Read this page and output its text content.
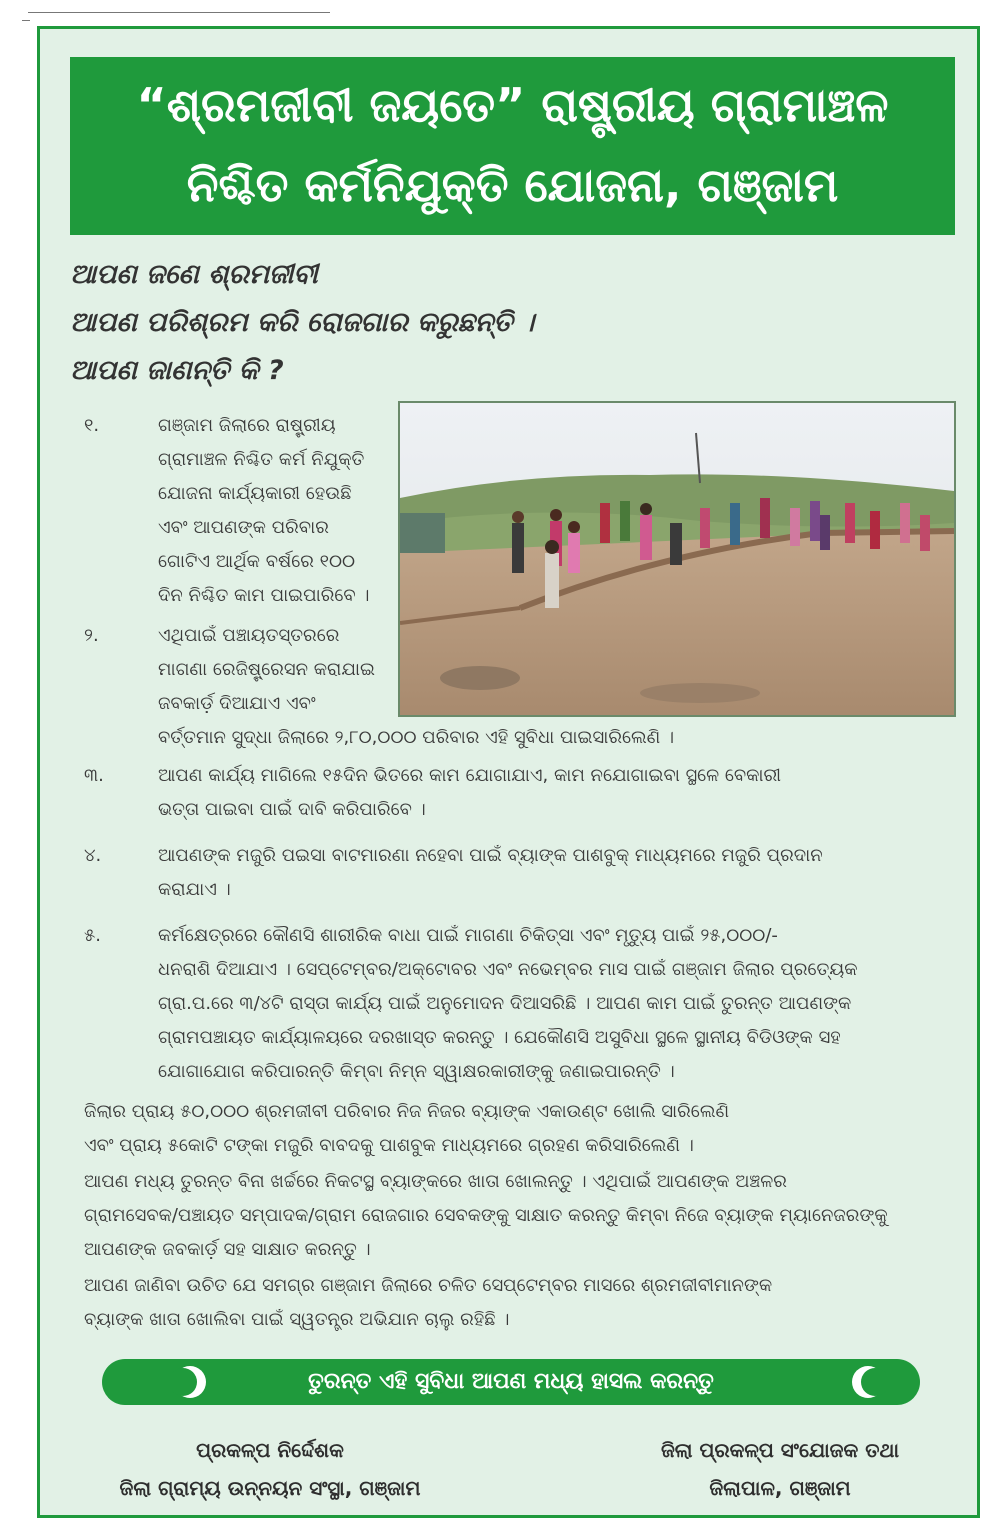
“ଶ୍ରମଜୀବୀ ଜୟତେ” ରାଷ୍ଟ୍ରୀୟ ଗ୍ରାମାଞ୍ଚଳ
ନିଶ୍ଚିତ କର୍ମନିଯୁକ୍ତି ଯୋଜନା, ଗଞ୍ଜାମ
ଆପଣ ଜଣେ ଶ୍ରମଜୀବୀ
ଆପଣ ପରିଶ୍ରମ କରି ରୋଜଗାର କରୁଛନ୍ତି ।
ଆପଣ ଜାଣନ୍ତି କି ?
୧.	ଗଞ୍ଜାମ ଜିଲାରେ ରାଷ୍ଟ୍ରୀୟ
ଗ୍ରାମାଞ୍ଚଳ ନିଶ୍ଚିତ କର୍ମ ନିଯୁକ୍ତି
ଯୋଜନା କାର୍ଯ୍ୟକାରୀ ହେଉଛି
ଏବଂ ଆପଣଙ୍କ ପରିବାର
ଗୋଟିଏ ଆର୍ଥିକ ବର୍ଷରେ ୧୦୦
ଦିନ ନିଶ୍ଚିତ କାମ ପାଇପାରିବେ ।
୨.	ଏଥିପାଇଁ ପଞ୍ଚାୟତସ୍ତରରେ
ମାଗଣା ରେଜିଷ୍ଟ୍ରେସନ କରାଯାଇ
ଜବକାର୍ଡ଼ ଦିଆଯାଏ ଏବଂ
ବର୍ତ୍ତମାନ ସୁଦ୍ଧା ଜିଲାରେ ୨,୮୦,୦୦୦ ପରିବାର ଏହି ସୁବିଧା ପାଇସାରିଲେଣି ।
୩.	ଆପଣ କାର୍ଯ୍ୟ ମାଗିଲେ ୧୫ଦିନ ଭିତରେ କାମ ଯୋଗାଯାଏ, କାମ ନଯୋଗାଇବା ସ୍ଥଳେ ବେକାରୀ
ଭତ୍ତା ପାଇବା ପାଇଁ ଦାବି କରିପାରିବେ ।
୪.	ଆପଣଙ୍କ ମଜୁରି ପଇସା ବାଟମାରଣା ନହେବା ପାଇଁ ବ୍ୟାଙ୍କ ପାଶବୁକ୍ ମାଧ୍ୟମରେ ମଜୁରି ପ୍ରଦାନ
କରାଯାଏ ।
୫.	କର୍ମକ୍ଷେତ୍ରରେ କୌଣସି ଶାରୀରିକ ବାଧା ପାଇଁ ମାଗଣା ଚିକିତ୍ସା ଏବଂ ମୃତ୍ୟୁ ପାଇଁ ୨୫,୦୦୦/-
ଧନରାଶି ଦିଆଯାଏ । ସେପ୍ଟେମ୍ବର/ଅକ୍ଟୋବର ଏବଂ ନଭେମ୍ବର ମାସ ପାଇଁ ଗଞ୍ଜାମ ଜିଲାର ପ୍ରତ୍ୟେକ
ଗ୍ରା.ପ.ରେ ୩/୪ଟି ରାସ୍ତା କାର୍ଯ୍ୟ ପାଇଁ ଅନୁମୋଦନ ଦିଆସରିଛି । ଆପଣ କାମ ପାଇଁ ତୁରନ୍ତ ଆପଣଙ୍କ
ଗ୍ରାମପଞ୍ଚାୟତ କାର୍ଯ୍ୟାଳୟରେ ଦରଖାସ୍ତ କରନ୍ତୁ । ଯେକୌଣସି ଅସୁବିଧା ସ୍ଥଳେ ସ୍ଥାନୀୟ ବିଡିଓଙ୍କ ସହ
ଯୋଗାଯୋଗ କରିପାରନ୍ତି କିମ୍ବା ନିମ୍ନ ସ୍ୱାକ୍ଷରକାରୀଙ୍କୁ ଜଣାଇପାରନ୍ତି ।
ଜିଲାର ପ୍ରାୟ ୫୦,୦୦୦ ଶ୍ରମଜୀବୀ ପରିବାର ନିଜ ନିଜର ବ୍ୟାଙ୍କ ଏକାଉଣ୍ଟ ଖୋଲି ସାରିଲେଣି
ଏବଂ ପ୍ରାୟ ୫କୋଟି ଟଙ୍କା ମଜୁରି ବାବଦକୁ ପାଶବୁକ ମାଧ୍ୟମରେ ଗ୍ରହଣ କରିସାରିଲେଣି ।
ଆପଣ ମଧ୍ୟ ତୁରନ୍ତ ବିନା ଖର୍ଚ୍ଚରେ ନିକଟସ୍ଥ ବ୍ୟାଙ୍କରେ ଖାତା ଖୋଲନ୍ତୁ । ଏଥିପାଇଁ ଆପଣଙ୍କ ଅଞ୍ଚଳର
ଗ୍ରାମସେବକ/ପଞ୍ଚାୟତ ସମ୍ପାଦକ/ଗ୍ରାମ ରୋଜଗାର ସେବକଙ୍କୁ ସାକ୍ଷାତ କରନ୍ତୁ କିମ୍ବା ନିଜେ ବ୍ୟାଙ୍କ ମ୍ୟାନେଜରଙ୍କୁ
ଆପଣଙ୍କ ଜବକାର୍ଡ଼ ସହ ସାକ୍ଷାତ କରନ୍ତୁ ।
ଆପଣ ଜାଣିବା ଉଚିତ ଯେ ସମଗ୍ର ଗଞ୍ଜାମ ଜିଲାରେ ଚଳିତ ସେପ୍ଟେମ୍ବର ମାସରେ ଶ୍ରମଜୀବୀମାନଙ୍କ
ବ୍ୟାଙ୍କ ଖାତା ଖୋଲିବା ପାଇଁ ସ୍ୱତନ୍ତ୍ର ଅଭିଯାନ ଚାଲୁ ରହିଛି ।
ତୁରନ୍ତ ଏହି ସୁବିଧା ଆପଣ ମଧ୍ୟ ହାସଲ କରନ୍ତୁ
ପ୍ରକଳ୍ପ ନିର୍ଦ୍ଦେଶକ
ଜିଲା ଗ୍ରାମ୍ୟ ଉନ୍ନୟନ ସଂସ୍ଥା, ଗଞ୍ଜାମ
ଜିଲା ପ୍ରକଳ୍ପ ସଂଯୋଜକ ତଥା
ଜିଲାପାଳ, ଗଞ୍ଜାମ
